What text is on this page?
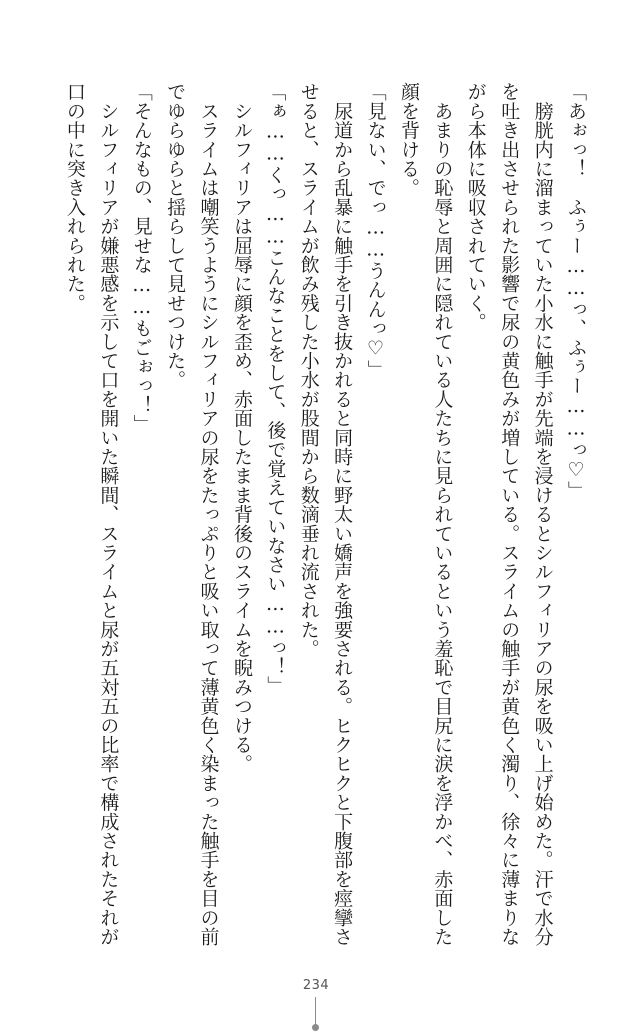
「あぉっ！　ふぅー……っ、ふぅー……っ♡」

　膀胱内に溜まっていた小水に触手が先端を浸けるとシルフィリアの尿を吸い上げ始めた。汗で水分を吐き出させられた影響で尿の黄色みが増している。スライムの触手が黄色く濁り、徐々に薄まりながら本体に吸収されていく。

　あまりの恥辱と周囲に隠れている人たちに見られているという羞恥で目尻に涙を浮かべ、赤面した顔を背ける。

「見ない、でっ……うんんっ♡」

　尿道から乱暴に触手を引き抜かれると同時に野太い嬌声を強要される。ヒクヒクと下腹部を痙攣させると、スライムが飲み残した小水が股間から数滴垂れ流された。

「ぁ……くっ……こんなことをして、後で覚えていなさい……っ！」

　シルフィリアは屈辱に顔を歪め、赤面したまま背後のスライムを睨みつける。

　スライムは嘲笑うようにシルフィリアの尿をたっぷりと吸い取って薄黄色く染まった触手を目の前でゆらゆらと揺らして見せつけた。

「そんなもの、見せな……もごぉっ！」

　シルフィリアが嫌悪感を示して口を開いた瞬間、スライムと尿が五対五の比率で構成されたそれが口の中に突き入れられた。

234
